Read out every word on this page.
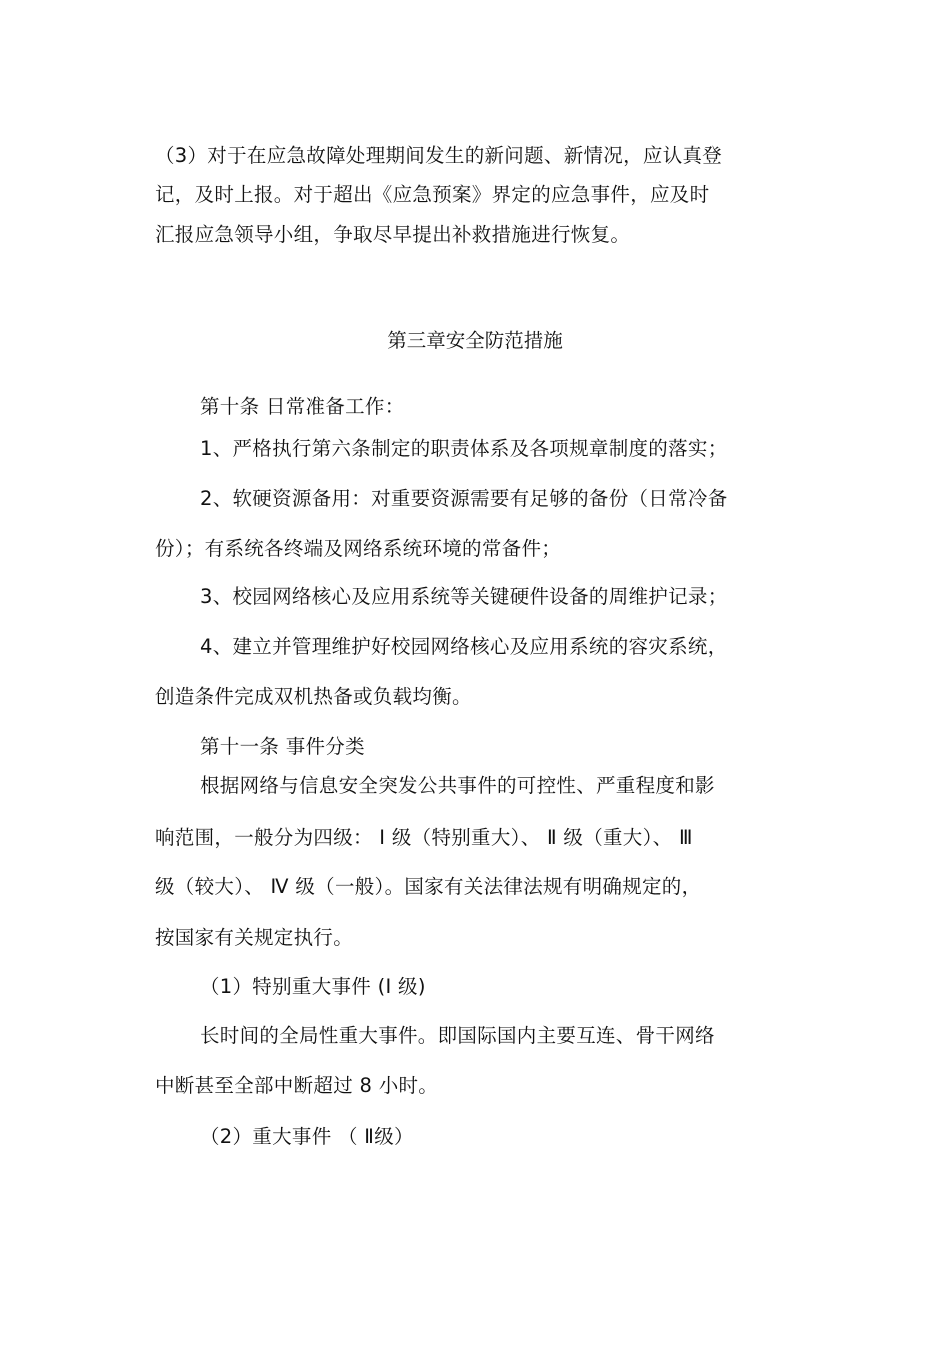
（3）对于在应急故障处理期间发生的新问题、新情况，应认真登
记，及时上报。对于超出《应急预案》界定的应急事件，应及时
汇报应急领导小组，争取尽早提出补救措施进行恢复。
第三章安全防范措施
第十条 日常准备工作：
1、严格执行第六条制定的职责体系及各项规章制度的落实；
2、软硬资源备用：对重要资源需要有足够的备份（日常冷备
份）；有系统各终端及网络系统环境的常备件；
3、校园网络核心及应用系统等关键硬件设备的周维护记录；
4、建立并管理维护好校园网络核心及应用系统的容灾系统，
创造条件完成双机热备或负载均衡。
第十一条 事件分类
根据网络与信息安全突发公共事件的可控性、严重程度和影
响范围，一般分为四级： Ⅰ 级（特别重大）、 Ⅱ 级（重大）、 Ⅲ
级（较大）、 Ⅳ 级（一般）。国家有关法律法规有明确规定的，
按国家有关规定执行。
（1）特别重大事件 (Ⅰ 级)
长时间的全局性重大事件。即国际国内主要互连、骨干网络
中断甚至全部中断超过 8 小时。
（2）重大事件 （ Ⅱ级）
